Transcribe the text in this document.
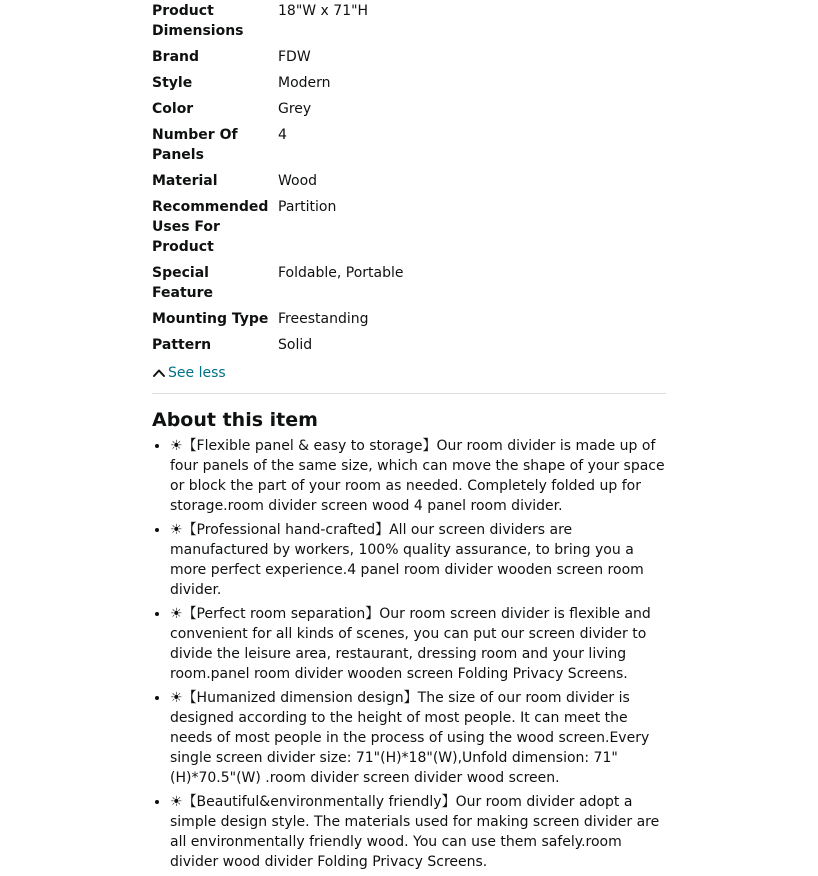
Product Dimensions	18"W x 71"H

Brand	FDW

Style	Modern

Color	Grey

Number Of Panels	4

Material	Wood

Recommended Uses For Product	Partition

Special Feature	Foldable, Portable

Mounting Type	Freestanding

Pattern	Solid
See less
About this item
• ☀【Flexible panel & easy to storage】Our room divider is made up of four panels of the same size, which can move the shape of your space or block the part of your room as needed. Completely folded up for storage.room divider screen wood 4 panel room divider.
• ☀【Professional hand-crafted】All our screen dividers are manufactured by workers, 100% quality assurance, to bring you a more perfect experience.4 panel room divider wooden screen room divider.
• ☀【Perfect room separation】Our room screen divider is flexible and convenient for all kinds of scenes, you can put our screen divider to divide the leisure area, restaurant, dressing room and your living room.panel room divider wooden screen Folding Privacy Screens.
• ☀【Humanized dimension design】The size of our room divider is designed according to the height of most people. It can meet the needs of most people in the process of using the wood screen.Every single screen divider size: 71"(H)*18"(W),Unfold dimension: 71"(H)*70.5"(W) .room divider screen divider wood screen.
• ☀【Beautiful&environmentally friendly】Our room divider adopt a simple design style. The materials used for making screen divider are all environmentally friendly wood. You can use them safely.room divider wood divider Folding Privacy Screens.
